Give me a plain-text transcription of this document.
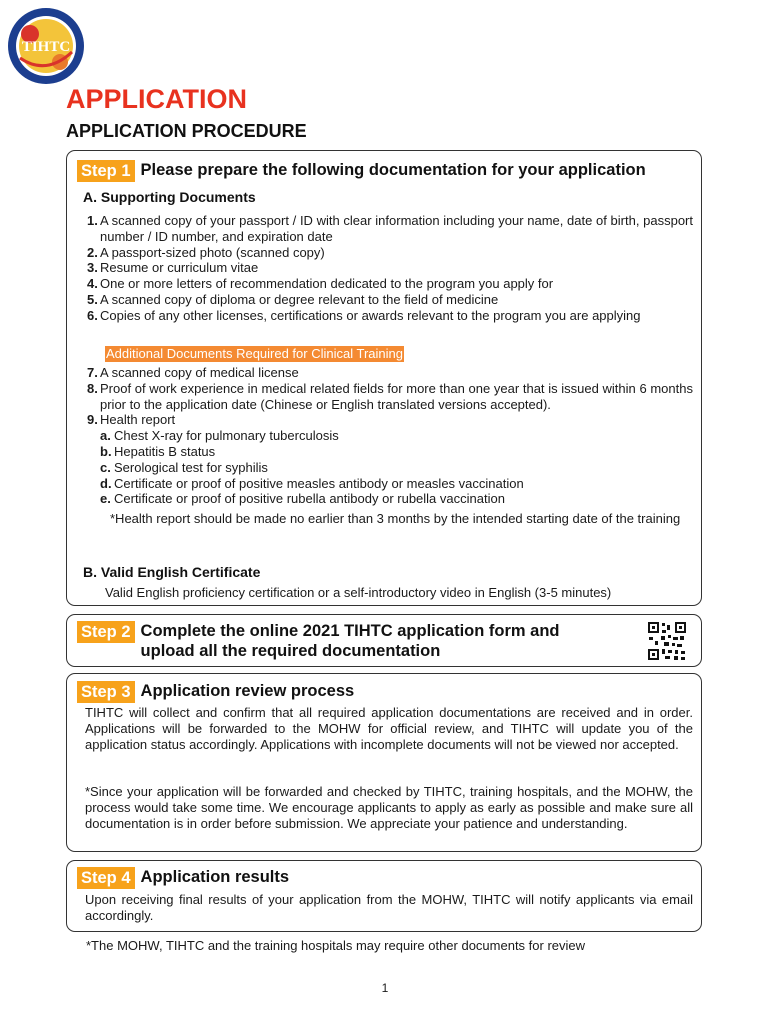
TIHTC
APPLICATION
APPLICATION PROCEDURE
Step 1 Please prepare the following documentation for your application
A. Supporting Documents
1. A scanned copy of your passport / ID with clear information including your name, date of birth, passport number / ID number, and expiration date
2. A passport-sized photo (scanned copy)
3. Resume or curriculum vitae
4. One or more letters of recommendation dedicated to the program you apply for
5. A scanned copy of diploma or degree relevant to the field of medicine
6. Copies of any other licenses, certifications or awards relevant to the program you are applying
Additional Documents Required for Clinical Training
7. A scanned copy of medical license
8. Proof of work experience in medical related fields for more than one year that is issued within 6 months prior to the application date (Chinese or English translated versions accepted).
9. Health report
a. Chest X-ray for pulmonary tuberculosis
b. Hepatitis B status
c. Serological test for syphilis
d. Certificate or proof of positive measles antibody or measles vaccination
e. Certificate or proof of positive rubella antibody or rubella vaccination
*Health report should be made no earlier than 3 months by the intended starting date of the training
B. Valid English Certificate
Valid English proficiency certification or a self-introductory video in English (3-5 minutes)
Step 2 Complete the online 2021 TIHTC application form and
upload all the required documentation
Step 3 Application review process
TIHTC will collect and confirm that all required application documentations are received and in order. Applications will be forwarded to the MOHW for official review, and TIHTC will update you of the application status accordingly. Applications with incomplete documents will not be viewed nor accepted.
*Since your application will be forwarded and checked by TIHTC, training hospitals, and the MOHW, the process would take some time. We encourage applicants to apply as early as possible and make sure all documentation is in order before submission. We appreciate your patience and understanding.
Step 4 Application results
Upon receiving final results of your application from the MOHW, TIHTC will notify applicants via email accordingly.
*The MOHW, TIHTC and the training hospitals may require other documents for review
1
